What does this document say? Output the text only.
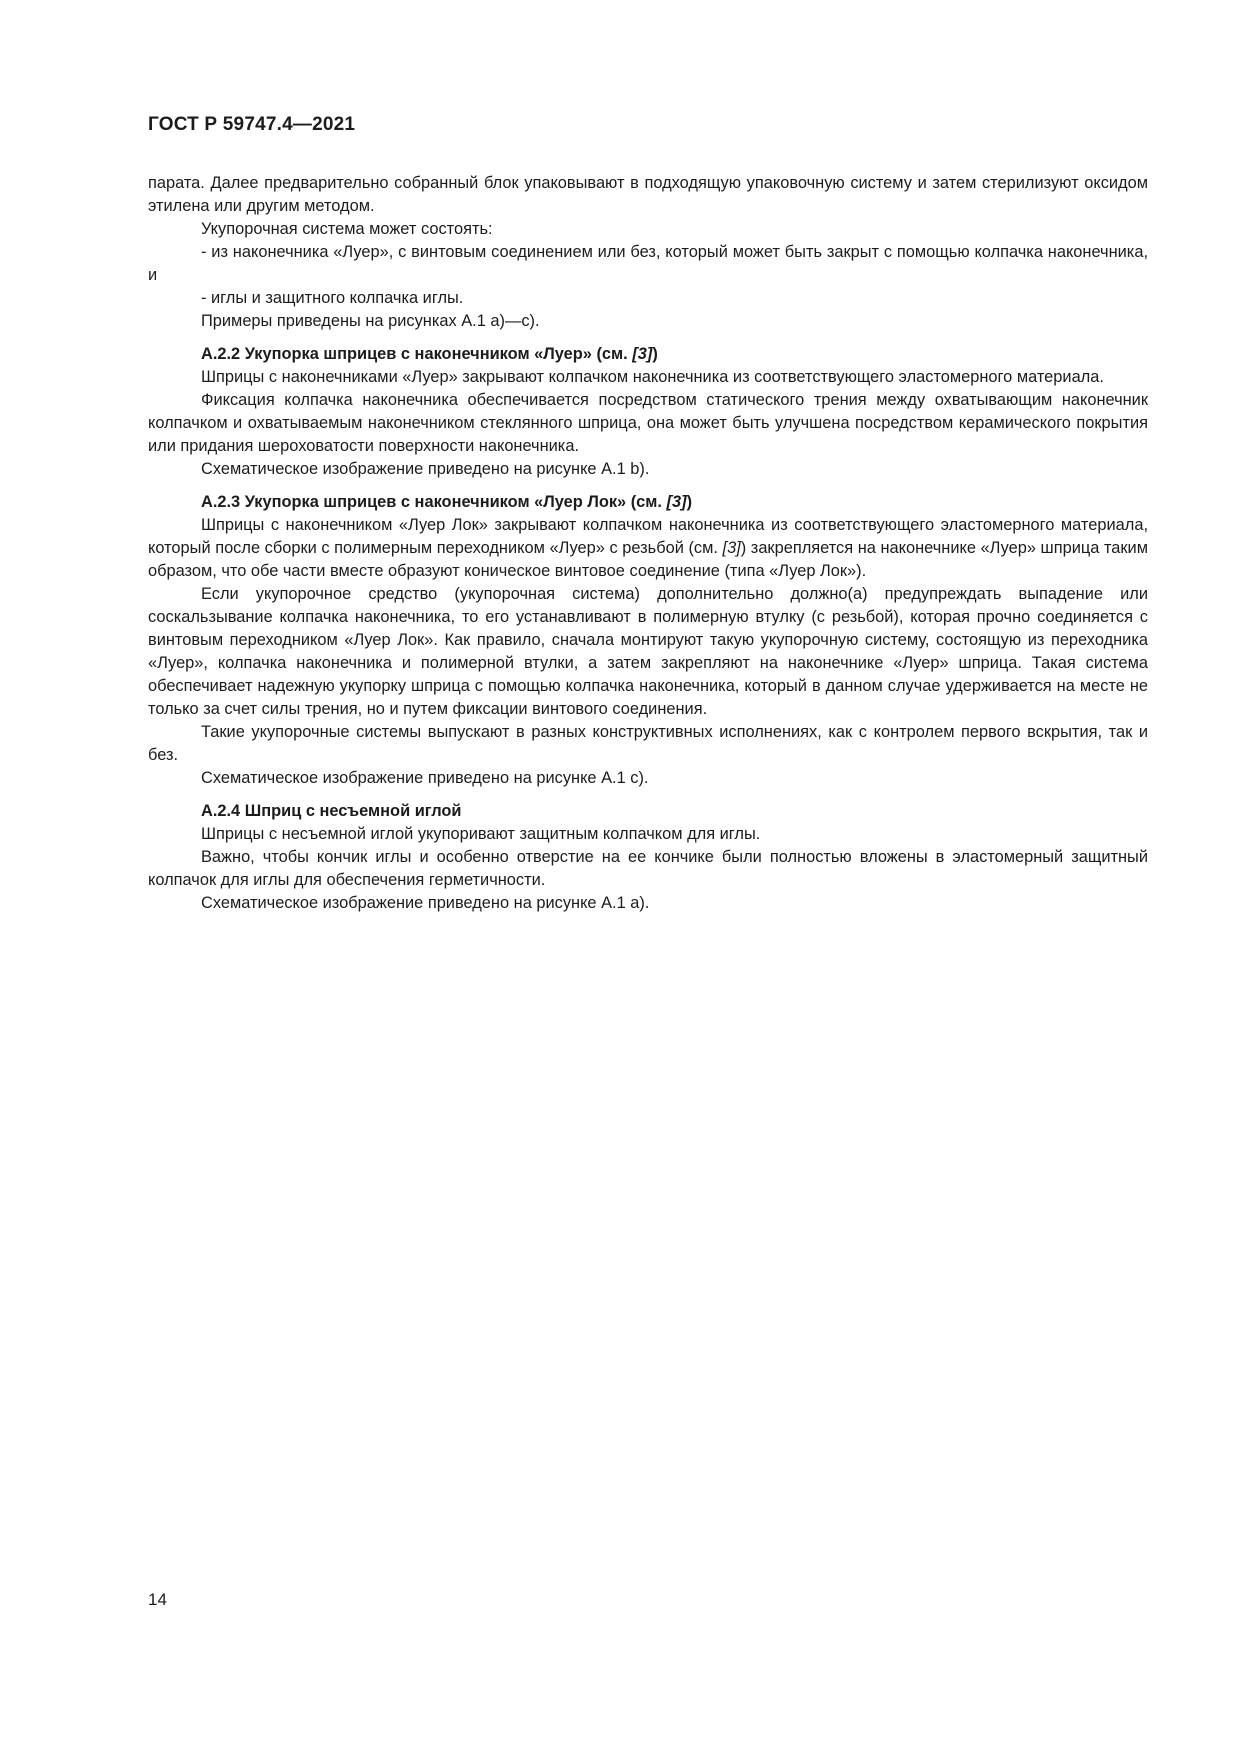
ГОСТ Р 59747.4—2021

парата. Далее предварительно собранный блок упаковывают в подходящую упаковочную систему и затем стерилизуют оксидом этилена или другим методом.

Укупорочная система может состоять:

- из наконечника «Луер», с винтовым соединением или без, который может быть закрыт с помощью колпачка наконечника, и

- иглы и защитного колпачка иглы.

Примеры приведены на рисунках А.1 а)—с).

А.2.2 Укупорка шприцев с наконечником «Луер» (см. [3])

Шприцы с наконечниками «Луер» закрывают колпачком наконечника из соответствующего эластомерного материала.

Фиксация колпачка наконечника обеспечивается посредством статического трения между охватывающим наконечник колпачком и охватываемым наконечником стеклянного шприца, она может быть улучшена посредством керамического покрытия или придания шероховатости поверхности наконечника.

Схематическое изображение приведено на рисунке А.1 b).

А.2.3 Укупорка шприцев с наконечником «Луер Лок» (см. [3])

Шприцы с наконечником «Луер Лок» закрывают колпачком наконечника из соответствующего эластомерного материала, который после сборки с полимерным переходником «Луер» с резьбой (см. [3]) закрепляется на наконечнике «Луер» шприца таким образом, что обе части вместе образуют коническое винтовое соединение (типа «Луер Лок»).

Если укупорочное средство (укупорочная система) дополнительно должно(а) предупреждать выпадение или соскальзывание колпачка наконечника, то его устанавливают в полимерную втулку (с резьбой), которая прочно соединяется с винтовым переходником «Луер Лок». Как правило, сначала монтируют такую укупорочную систему, состоящую из переходника «Луер», колпачка наконечника и полимерной втулки, а затем закрепляют на наконечнике «Луер» шприца. Такая система обеспечивает надежную укупорку шприца с помощью колпачка наконечника, который в данном случае удерживается на месте не только за счет силы трения, но и путем фиксации винтового соединения.

Такие укупорочные системы выпускают в разных конструктивных исполнениях, как с контролем первого вскрытия, так и без.

Схематическое изображение приведено на рисунке А.1 с).

А.2.4 Шприц с несъемной иглой

Шприцы с несъемной иглой укупоривают защитным колпачком для иглы.

Важно, чтобы кончик иглы и особенно отверстие на ее кончике были полностью вложены в эластомерный защитный колпачок для иглы для обеспечения герметичности.

Схематическое изображение приведено на рисунке А.1 а).

14
